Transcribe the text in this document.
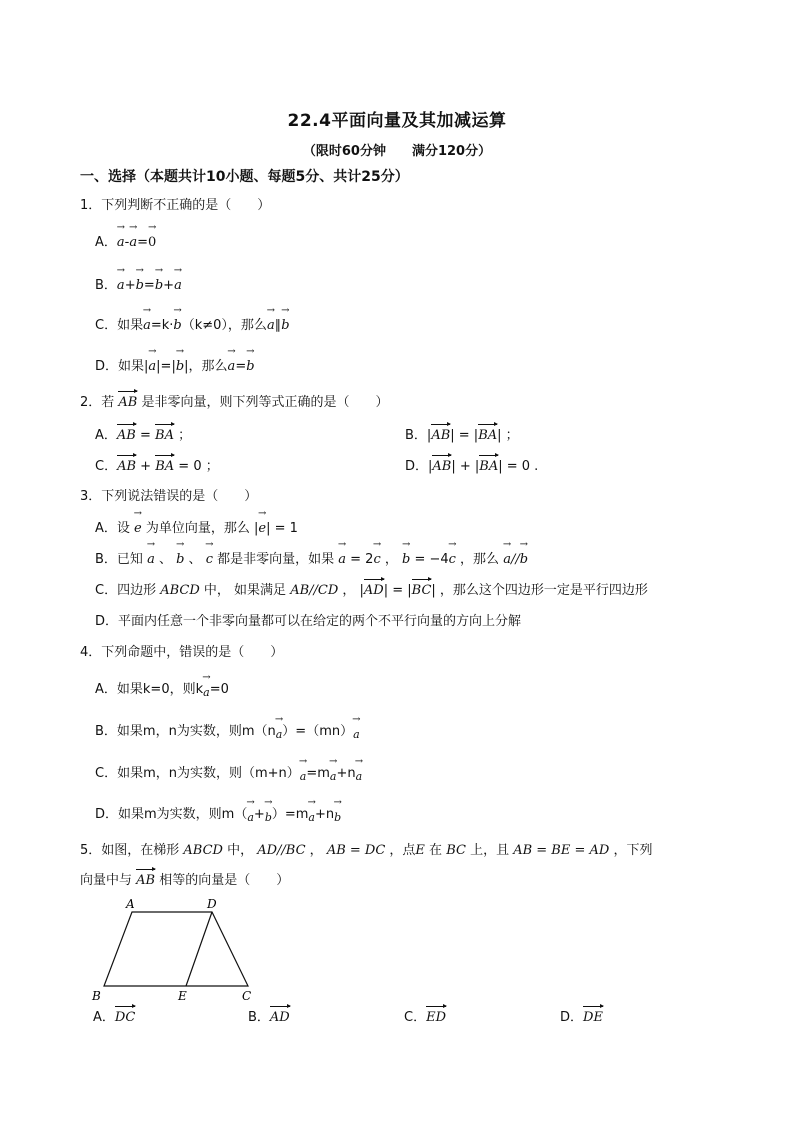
22.4平面向量及其加减运算
（限时60分钟　　满分120分）
一、选择（本题共计10小题、每题5分、共计25分）
1．下列判断不正确的是（　　）
A．→ a-→ a=→ 0
B．→ a+→ b=→ b+→ a
C．如果→ a=k·→ b（k≠0），那么→ a∥→ b
D．如果|→ a|=|→ b|，那么→ a=→ b
2．若 AB 是非零向量，则下列等式正确的是（　　）
A．AB = BA ；	B．|AB| = |BA| ；
C．AB + BA = 0 ；	D．|AB| + |BA| = 0 .
3．下列说法错误的是（　　）
A．设 → e 为单位向量，那么 |→ e| = 1
B．已知 → a 、 → b 、 → c 都是非零向量，如果 → a = 2→ c ， → b = −4→ c ，那么 → a//→ b
C．四边形 ABCD 中， 如果满足 AB//CD ， |AD| = |BC| ，那么这个四边形一定是平行四边形
D．平面内任意一个非零向量都可以在给定的两个不平行向量的方向上分解
4．下列命题中，错误的是（　　）
A．如果k=0，则k→ a=0
B．如果m，n为实数，则m（n→ a）=（mn）→ a
C．如果m，n为实数，则（m+n）→ a=m→ a+n→ a
D．如果m为实数，则m（→ a+→ b）=m→ a+n→ b
5．如图，在梯形 ABCD 中， AD//BC ， AB = DC ，点E 在 BC 上，且 AB = BE = AD ，下列
向量中与 AB 相等的向量是（　　）
A	D
B	E	C
A．DC	B．AD	C．ED	D．DE
